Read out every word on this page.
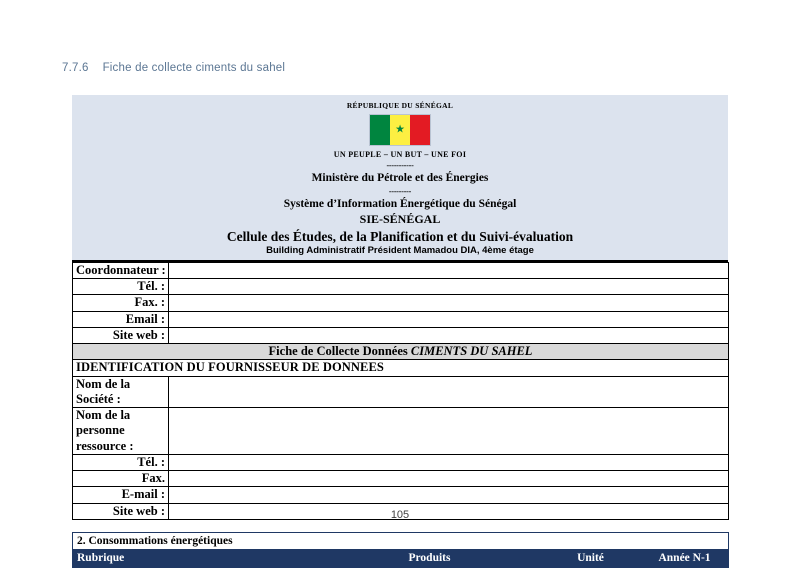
7.7.6 Fiche de collecte ciments du sahel
RÉPUBLIQUE DU SÉNÉGAL
★
UN PEUPLE – UN BUT – UNE FOI
-----------
Ministère du Pétrole et des Énergies
---------
Système d’Information Énergétique du Sénégal
SIE-SÉNÉGAL
Cellule des Études, de la Planification et du Suivi-évaluation
Building Administratif Président Mamadou DIA, 4ème étage
Coordonnateur :	
Tél. :	
Fax. :	
Email :	
Site web :	
Fiche de Collecte Données CIMENTS DU SAHEL	
IDENTIFICATION DU FOURNISSEUR DE DONNEES	
Nom de la Société :	
Nom de la personne ressource :	
Tél. :	
Fax.	
E-mail :	
Site web :	
2. Consommations énergétiques
Rubrique	Produits	Unité	Année N-1
105
